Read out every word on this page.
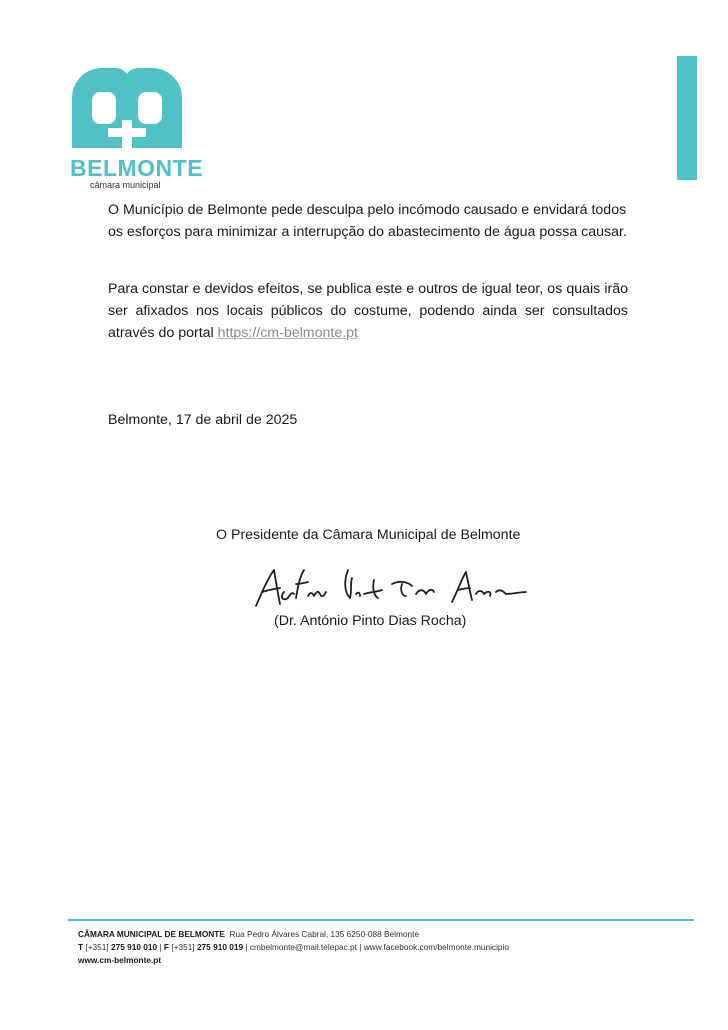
BELMONTE
câmara municipal

O Município de Belmonte pede desculpa pelo incómodo causado e envidará todos os esforços para minimizar a interrupção do abastecimento de água possa causar.

Para constar e devidos efeitos, se publica este e outros de igual teor, os quais irão
ser afixados nos locais públicos do costume, podendo ainda ser consultados
através do portal https://cm-belmonte.pt

Belmonte, 17 de abril de 2025
O Presidente da Câmara Municipal de Belmonte
(Dr. António Pinto Dias Rocha)
CÂMARA MUNICIPAL DE BELMONTE Rua Pedro Álvares Cabral, 135 6250-088 Belmonte
T [+351] 275 910 010 | F [+351] 275 910 019 | cmbelmonte@mail.telepac.pt | www.facebook.com/belmonte.municipio
www.cm-belmonte.pt
